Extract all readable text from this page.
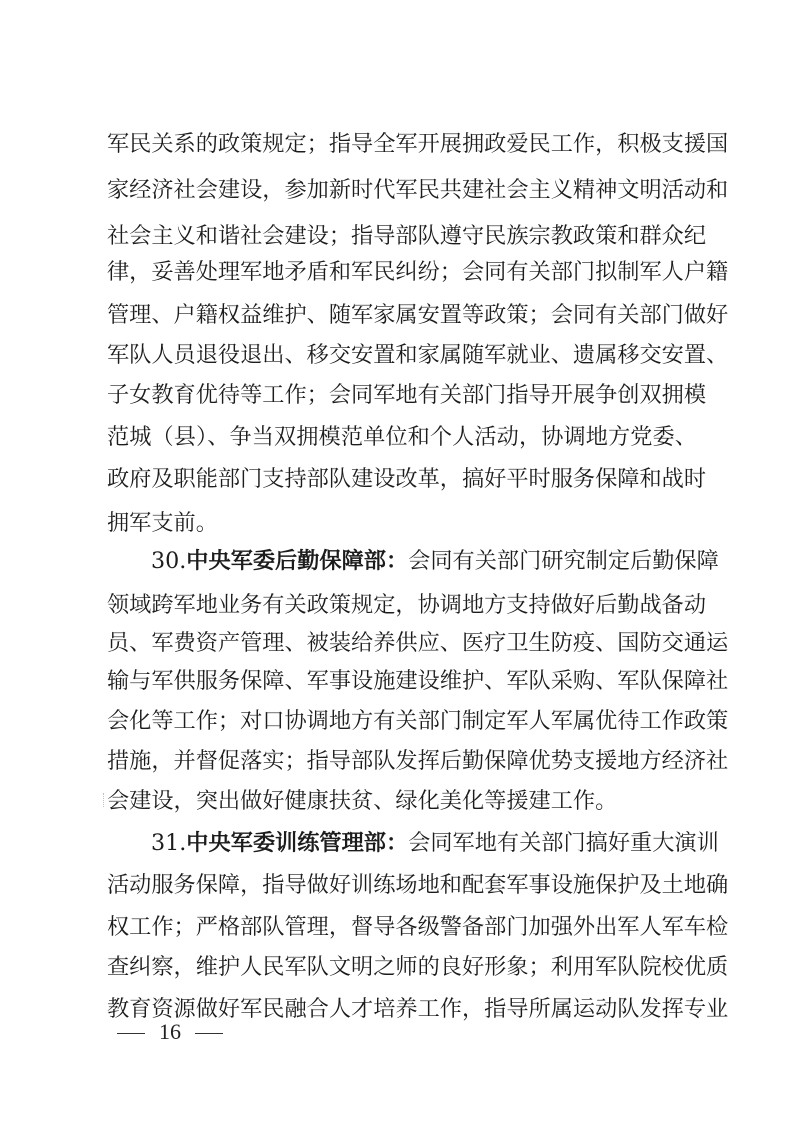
军民关系的政策规定；指导全军开展拥政爱民工作，积极支援国
家经济社会建设，参加新时代军民共建社会主义精神文明活动和
社会主义和谐社会建设；指导部队遵守民族宗教政策和群众纪
律，妥善处理军地矛盾和军民纠纷；会同有关部门拟制军人户籍
管理、户籍权益维护、随军家属安置等政策；会同有关部门做好
军队人员退役退出、移交安置和家属随军就业、遗属移交安置、
子女教育优待等工作；会同军地有关部门指导开展争创双拥模
范城（县）、争当双拥模范单位和个人活动，协调地方党委、
政府及职能部门支持部队建设改革，搞好平时服务保障和战时
拥军支前。
30.中央军委后勤保障部：会同有关部门研究制定后勤保障
领域跨军地业务有关政策规定，协调地方支持做好后勤战备动
员、军费资产管理、被装给养供应、医疗卫生防疫、国防交通运
输与军供服务保障、军事设施建设维护、军队采购、军队保障社
会化等工作；对口协调地方有关部门制定军人军属优待工作政策
措施，并督促落实；指导部队发挥后勤保障优势支援地方经济社
会建设，突出做好健康扶贫、绿化美化等援建工作。
31.中央军委训练管理部：会同军地有关部门搞好重大演训
活动服务保障，指导做好训练场地和配套军事设施保护及土地确
权工作；严格部队管理，督导各级警备部门加强外出军人军车检
查纠察，维护人民军队文明之师的良好形象；利用军队院校优质
教育资源做好军民融合人才培养工作，指导所属运动队发挥专业
16
